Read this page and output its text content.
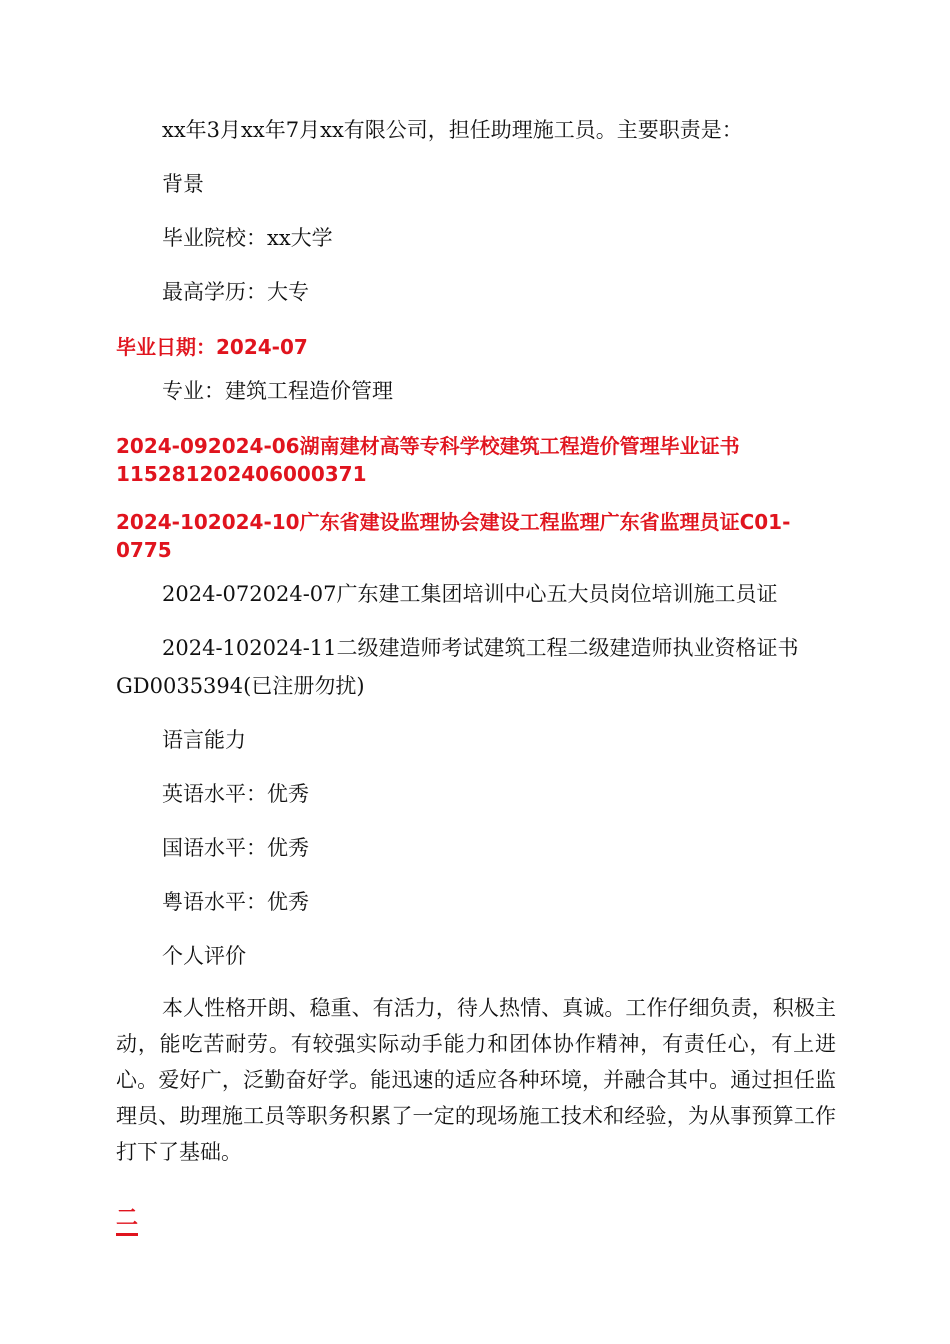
xx年3月xx年7月xx有限公司，担任助理施工员。主要职责是：
背景
毕业院校：xx大学
最高学历：大专
毕业日期：2024-07
专业：建筑工程造价管理
2024-092024-06湖南建材高等专科学校建筑工程造价管理毕业证书
115281202406000371
2024-102024-10广东省建设监理协会建设工程监理广东省监理员证C01-
0775
2024-072024-07广东建工集团培训中心五大员岗位培训施工员证
2024-102024-11二级建造师考试建筑工程二级建造师执业资格证书
GD0035394(已注册勿扰)
语言能力
英语水平：优秀
国语水平：优秀
粤语水平：优秀
个人评价

本人性格开朗、稳重、有活力，待人热情、真诚。工作仔细负责，积极主动，能吃苦耐劳。有较强实际动手能力和团体协作精神，有责任心，有上进心。爱好广，泛勤奋好学。能迅速的适应各种环境，并融合其中。通过担任监理员、助理施工员等职务积累了一定的现场施工技术和经验，为从事预算工作打下了基础。

二
